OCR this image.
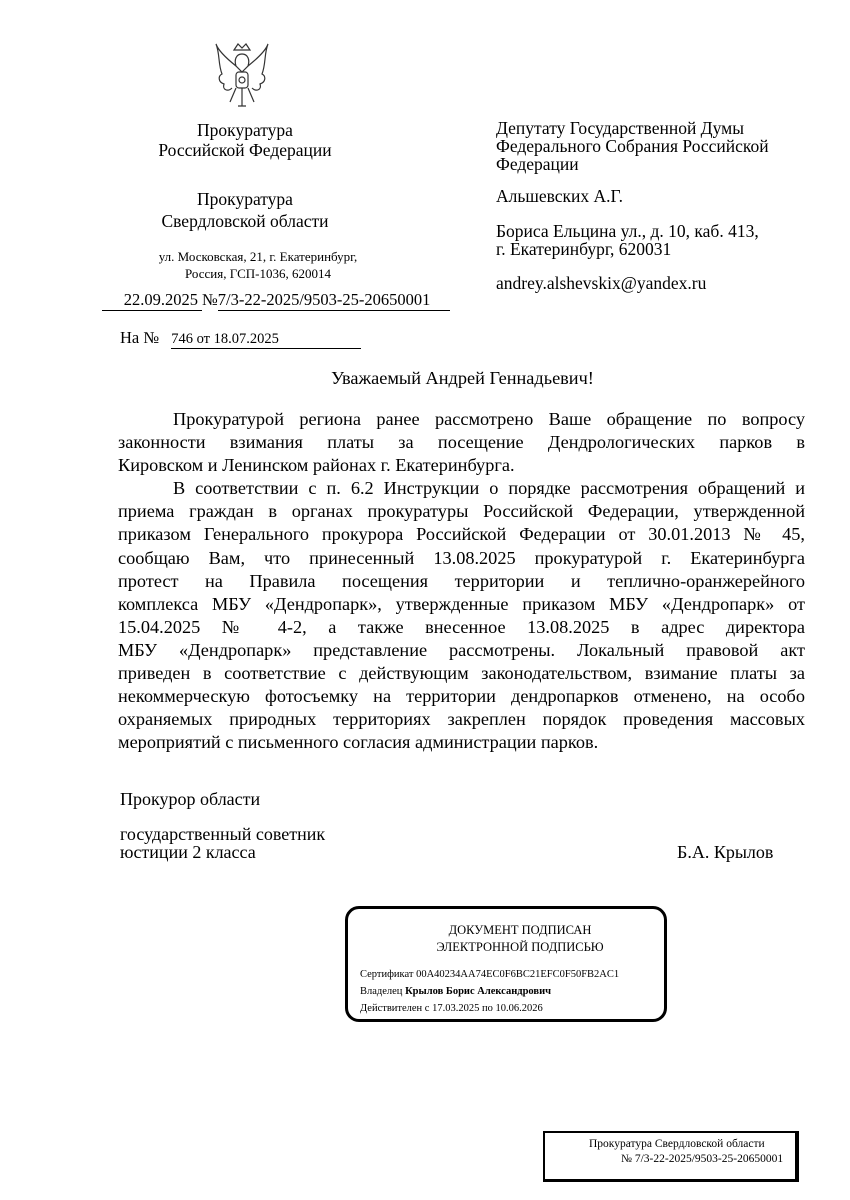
Прокуратура
Российской Федерации
Прокуратура
Свердловской области
ул. Московская, 21, г. Екатеринбург,
Россия, ГСП-1036, 620014
22.09.2025 №7/3-22-2025/9503-25-20650001
На № 746 от 18.07.2025
Депутату Государственной Думы
Федерального Собрания Российской
Федерации
Альшевских А.Г.
Бориса Ельцина ул., д. 10, каб. 413,
г. Екатеринбург, 620031
andrey.alshevskix@yandex.ru
Уважаемый Андрей Геннадьевич!
Прокуратурой региона ранее рассмотрено Ваше обращение по вопросу
законности взимания платы за посещение Дендрологических парков в
Кировском и Ленинском районах г. Екатеринбурга.
В соответствии с п. 6.2 Инструкции о порядке рассмотрения обращений и
приема граждан в органах прокуратуры Российской Федерации, утвержденной
приказом Генерального прокурора Российской Федерации от 30.01.2013 № 45,
сообщаю Вам, что принесенный 13.08.2025 прокуратурой г. Екатеринбурга
протест на Правила посещения территории и теплично-оранжерейного
комплекса МБУ «Дендропарк», утвержденные приказом МБУ «Дендропарк» от
15.04.2025 № 4-2, а также внесенное 13.08.2025 в адрес директора
МБУ «Дендропарк» представление рассмотрены. Локальный правовой акт
приведен в соответствие с действующим законодательством, взимание платы за
некоммерческую фотосъемку на территории дендропарков отменено, на особо
охраняемых природных территориях закреплен порядок проведения массовых
мероприятий с письменного согласия администрации парков.
Прокурор области
государственный советник
юстиции 2 класса	Б.А. Крылов
ДОКУМЕНТ ПОДПИСАН
ЭЛЕКТРОННОЙ ПОДПИСЬЮ
Сертификат 00A40234AA74EC0F6BC21EFC0F50FB2AC1
Владелец Крылов Борис Александрович
Действителен с 17.03.2025 по 10.06.2026
Прокуратура Свердловской области
№ 7/3-22-2025/9503-25-20650001
